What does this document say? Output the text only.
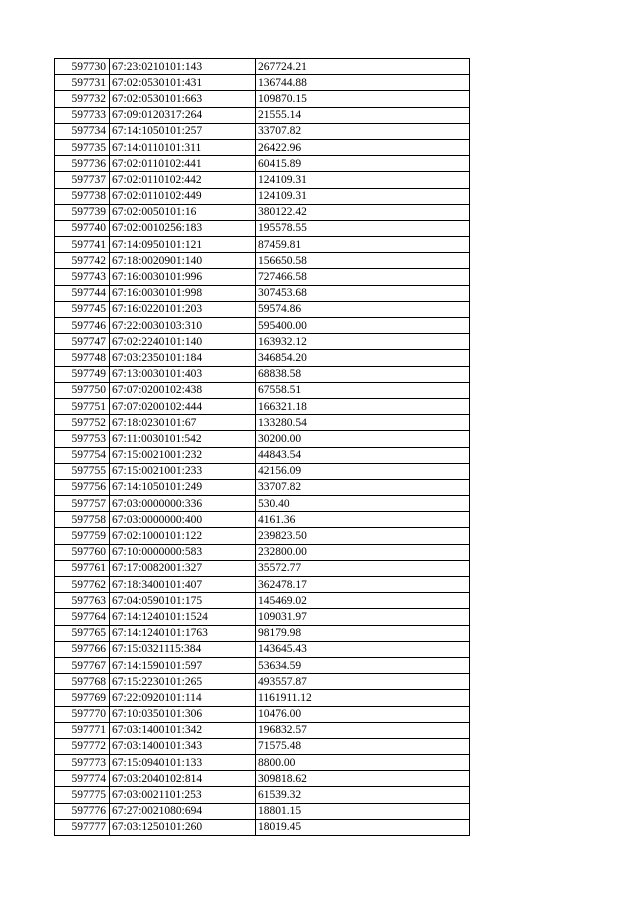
597730	67:23:0210101:143	267724.21
597731	67:02:0530101:431	136744.88
597732	67:02:0530101:663	109870.15
597733	67:09:0120317:264	21555.14
597734	67:14:1050101:257	33707.82
597735	67:14:0110101:311	26422.96
597736	67:02:0110102:441	60415.89
597737	67:02:0110102:442	124109.31
597738	67:02:0110102:449	124109.31
597739	67:02:0050101:16	380122.42
597740	67:02:0010256:183	195578.55
597741	67:14:0950101:121	87459.81
597742	67:18:0020901:140	156650.58
597743	67:16:0030101:996	727466.58
597744	67:16:0030101:998	307453.68
597745	67:16:0220101:203	59574.86
597746	67:22:0030103:310	595400.00
597747	67:02:2240101:140	163932.12
597748	67:03:2350101:184	346854.20
597749	67:13:0030101:403	68838.58
597750	67:07:0200102:438	67558.51
597751	67:07:0200102:444	166321.18
597752	67:18:0230101:67	133280.54
597753	67:11:0030101:542	30200.00
597754	67:15:0021001:232	44843.54
597755	67:15:0021001:233	42156.09
597756	67:14:1050101:249	33707.82
597757	67:03:0000000:336	530.40
597758	67:03:0000000:400	4161.36
597759	67:02:1000101:122	239823.50
597760	67:10:0000000:583	232800.00
597761	67:17:0082001:327	35572.77
597762	67:18:3400101:407	362478.17
597763	67:04:0590101:175	145469.02
597764	67:14:1240101:1524	109031.97
597765	67:14:1240101:1763	98179.98
597766	67:15:0321115:384	143645.43
597767	67:14:1590101:597	53634.59
597768	67:15:2230101:265	493557.87
597769	67:22:0920101:114	1161911.12
597770	67:10:0350101:306	10476.00
597771	67:03:1400101:342	196832.57
597772	67:03:1400101:343	71575.48
597773	67:15:0940101:133	8800.00
597774	67:03:2040102:814	309818.62
597775	67:03:0021101:253	61539.32
597776	67:27:0021080:694	18801.15
597777	67:03:1250101:260	18019.45
